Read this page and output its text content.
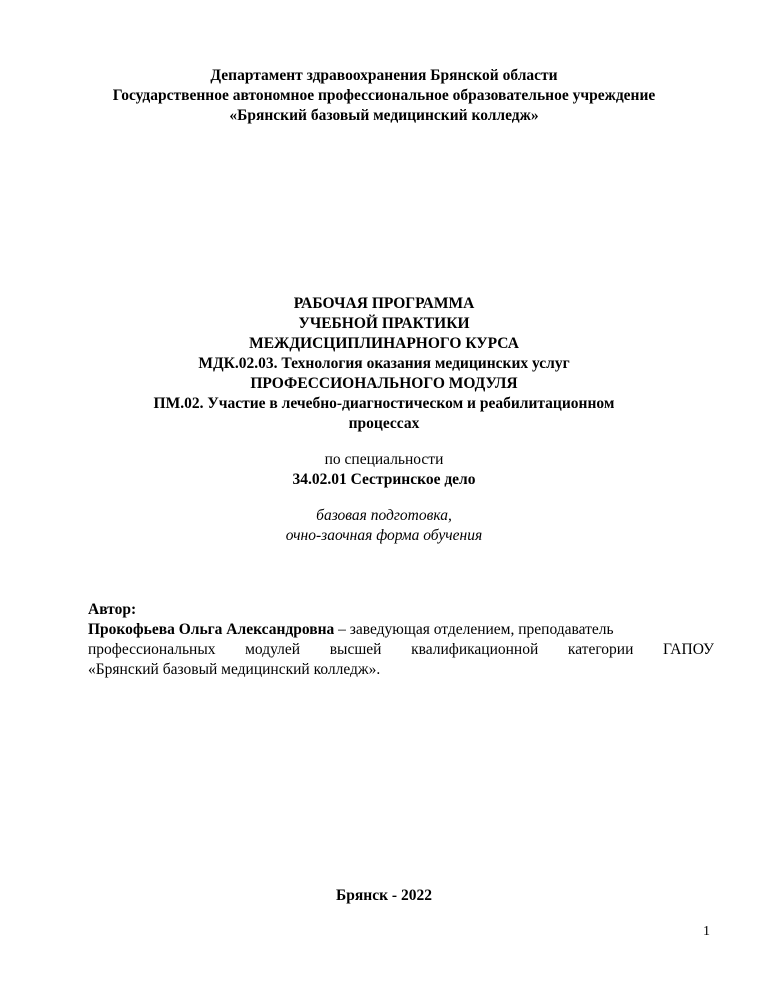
Департамент здравоохранения Брянской области
Государственное автономное профессиональное образовательное учреждение
«Брянский базовый медицинский колледж»
РАБОЧАЯ ПРОГРАММА
УЧЕБНОЙ ПРАКТИКИ
МЕЖДИСЦИПЛИНАРНОГО КУРСА
МДК.02.03. Технология оказания медицинских услуг
ПРОФЕССИОНАЛЬНОГО МОДУЛЯ
ПМ.02. Участие в лечебно-диагностическом и реабилитационном
процессах
по специальности
34.02.01 Сестринское дело
базовая подготовка,
очно-заочная форма обучения
Автор:
Прокофьева Ольга Александровна – заведующая отделением, преподаватель
профессиональных модулей высшей квалификационной категории ГАПОУ
«Брянский базовый медицинский колледж».
Брянск - 2022
1
